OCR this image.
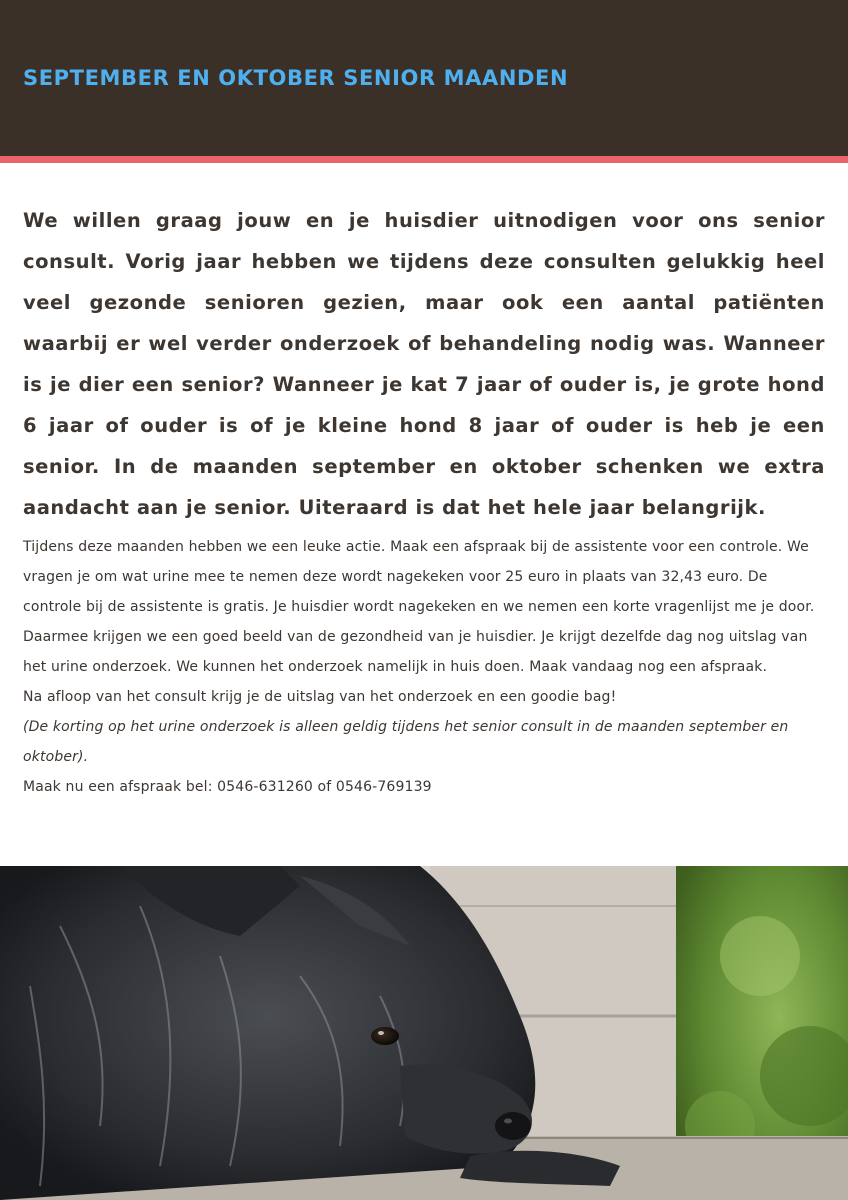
SEPTEMBER EN OKTOBER SENIOR MAANDEN

We willen graag jouw en je huisdier uitnodigen voor ons senior consult. Vorig jaar hebben we tijdens deze consulten gelukkig heel veel gezonde senioren gezien, maar ook een aantal patiënten waarbij er wel verder onderzoek of behandeling nodig was. Wanneer is je dier een senior? Wanneer je kat 7 jaar of ouder is, je grote hond 6 jaar of ouder is of je kleine hond 8 jaar of ouder is heb je een senior. In de maanden september en oktober schenken we extra aandacht aan je senior. Uiteraard is dat het hele jaar belangrijk.

Tijdens deze maanden hebben we een leuke actie. Maak een afspraak bij de assistente voor een controle. We vragen je om wat urine mee te nemen deze wordt nagekeken voor 25 euro in plaats van 32,43 euro. De controle bij de assistente is gratis. Je huisdier wordt nagekeken en we nemen een korte vragenlijst me je door. Daarmee krijgen we een goed beeld van de gezondheid van je huisdier. Je krijgt dezelfde dag nog uitslag van het urine onderzoek. We kunnen het onderzoek namelijk in huis doen. Maak vandaag nog een afspraak.

Na afloop van het consult krijg je de uitslag van het onderzoek en een goodie bag!

(De korting op het urine onderzoek is alleen geldig tijdens het senior consult in de maanden september en oktober).

Maak nu een afspraak bel: 0546-631260 of 0546-769139
